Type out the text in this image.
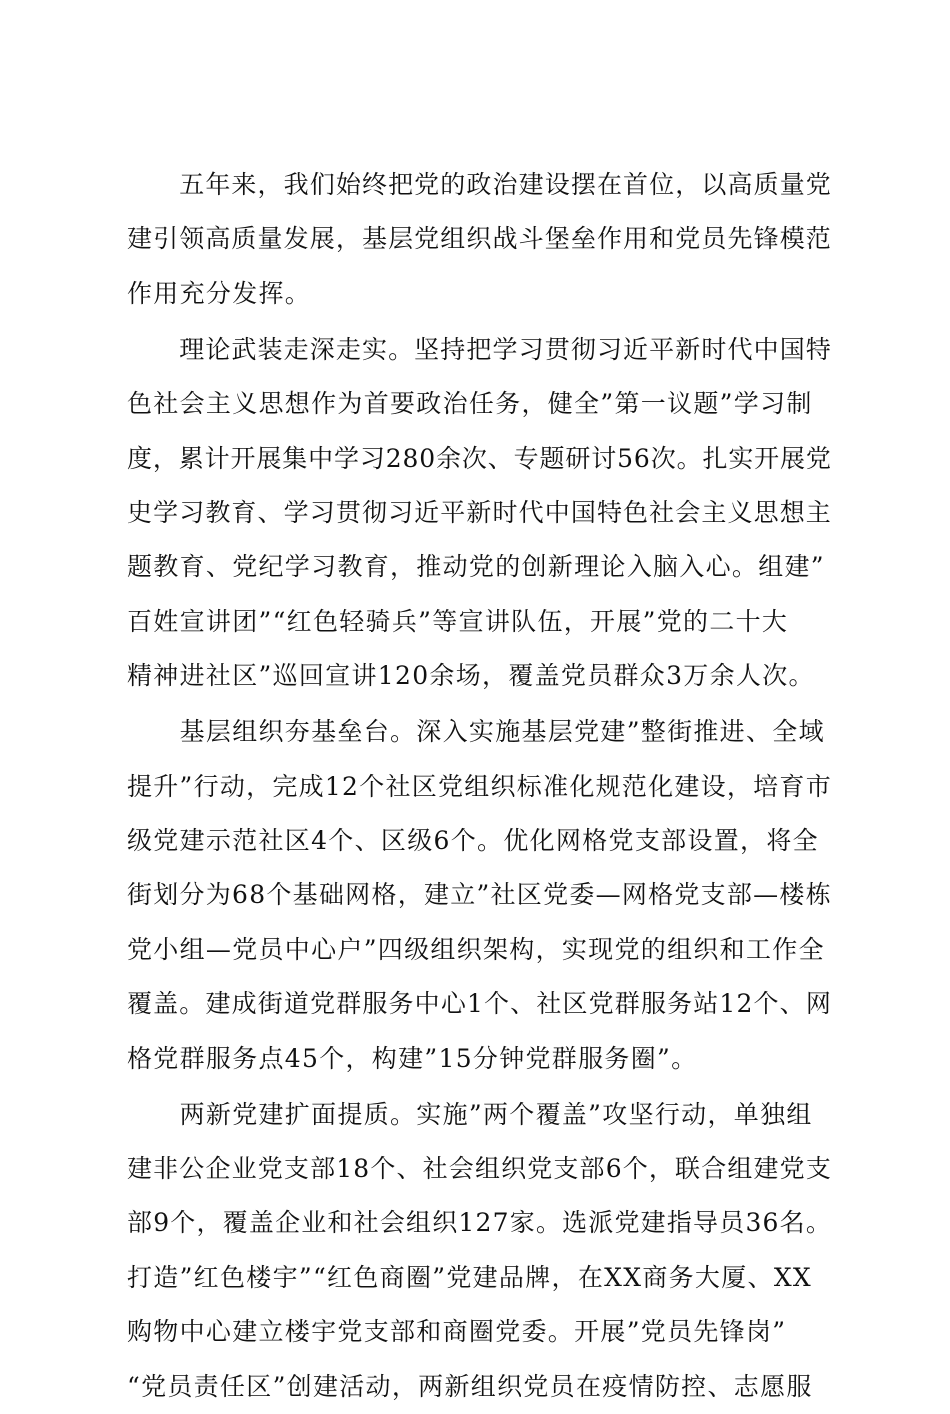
　　五年来，我们始终把党的政治建设摆在首位，以高质量党
建引领高质量发展，基层党组织战斗堡垒作用和党员先锋模范
作用充分发挥。
　　理论武装走深走实。坚持把学习贯彻习近平新时代中国特
色社会主义思想作为首要政治任务，健全”第一议题”学习制
度，累计开展集中学习280余次、专题研讨56次。扎实开展党
史学习教育、学习贯彻习近平新时代中国特色社会主义思想主
题教育、党纪学习教育，推动党的创新理论入脑入心。组建”
百姓宣讲团”“红色轻骑兵”等宣讲队伍，开展”党的二十大
精神进社区”巡回宣讲120余场，覆盖党员群众3万余人次。
　　基层组织夯基垒台。深入实施基层党建”整街推进、全域
提升”行动，完成12个社区党组织标准化规范化建设，培育市
级党建示范社区4个、区级6个。优化网格党支部设置，将全
街划分为68个基础网格，建立”社区党委—网格党支部—楼栋
党小组—党员中心户”四级组织架构，实现党的组织和工作全
覆盖。建成街道党群服务中心1个、社区党群服务站12个、网
格党群服务点45个，构建”15分钟党群服务圈”。
　　两新党建扩面提质。实施”两个覆盖”攻坚行动，单独组
建非公企业党支部18个、社会组织党支部6个，联合组建党支
部9个，覆盖企业和社会组织127家。选派党建指导员36名。
打造”红色楼宇”“红色商圈”党建品牌，在XX商务大厦、XX
购物中心建立楼宇党支部和商圈党委。开展”党员先锋岗”
“党员责任区”创建活动，两新组织党员在疫情防控、志愿服
